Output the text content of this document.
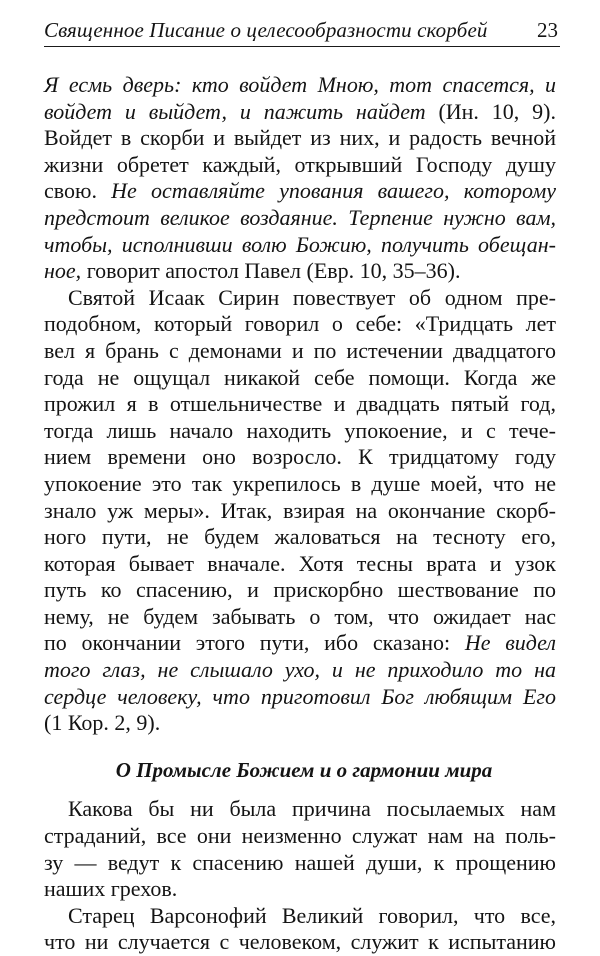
Священное Писание о целесообразности скорбей 23
Я есмь дверь: кто войдет Мною, тот спасется, и
войдет и выйдет, и пажить найдет (Ин. 10, 9).
Войдет в скорби и выйдет из них, и радость вечной
жизни обретет каждый, открывший Господу душу
свою. Не оставляйте упования вашего, которому
предстоит великое воздаяние. Терпение нужно вам,
чтобы, исполнивши волю Божию, получить обещан-
ное, говорит апостол Павел (Евр. 10, 35–36).
Святой Исаак Сирин повествует об одном пре-
подобном, который говорил о себе: «Тридцать лет
вел я брань с демонами и по истечении двадцатого
года не ощущал никакой себе помощи. Когда же
прожил я в отшельничестве и двадцать пятый год,
тогда лишь начало находить упокоение, и с тече-
нием времени оно возросло. К тридцатому году
упокоение это так укрепилось в душе моей, что не
знало уж меры». Итак, взирая на окончание скорб-
ного пути, не будем жаловаться на тесноту его,
которая бывает вначале. Хотя тесны врата и узок
путь ко спасению, и прискорбно шествование по
нему, не будем забывать о том, что ожидает нас
по окончании этого пути, ибо сказано: Не видел
того глаз, не слышало ухо, и не приходило то на
сердце человеку, что приготовил Бог любящим Его
(1 Кор. 2, 9).
О Промысле Божием и о гармонии мира
Какова бы ни была причина посылаемых нам
страданий, все они неизменно служат нам на поль-
зу — ведут к спасению нашей души, к прощению
наших грехов.
Старец Варсонофий Великий говорил, что все,
что ни случается с человеком, служит к испытанию
